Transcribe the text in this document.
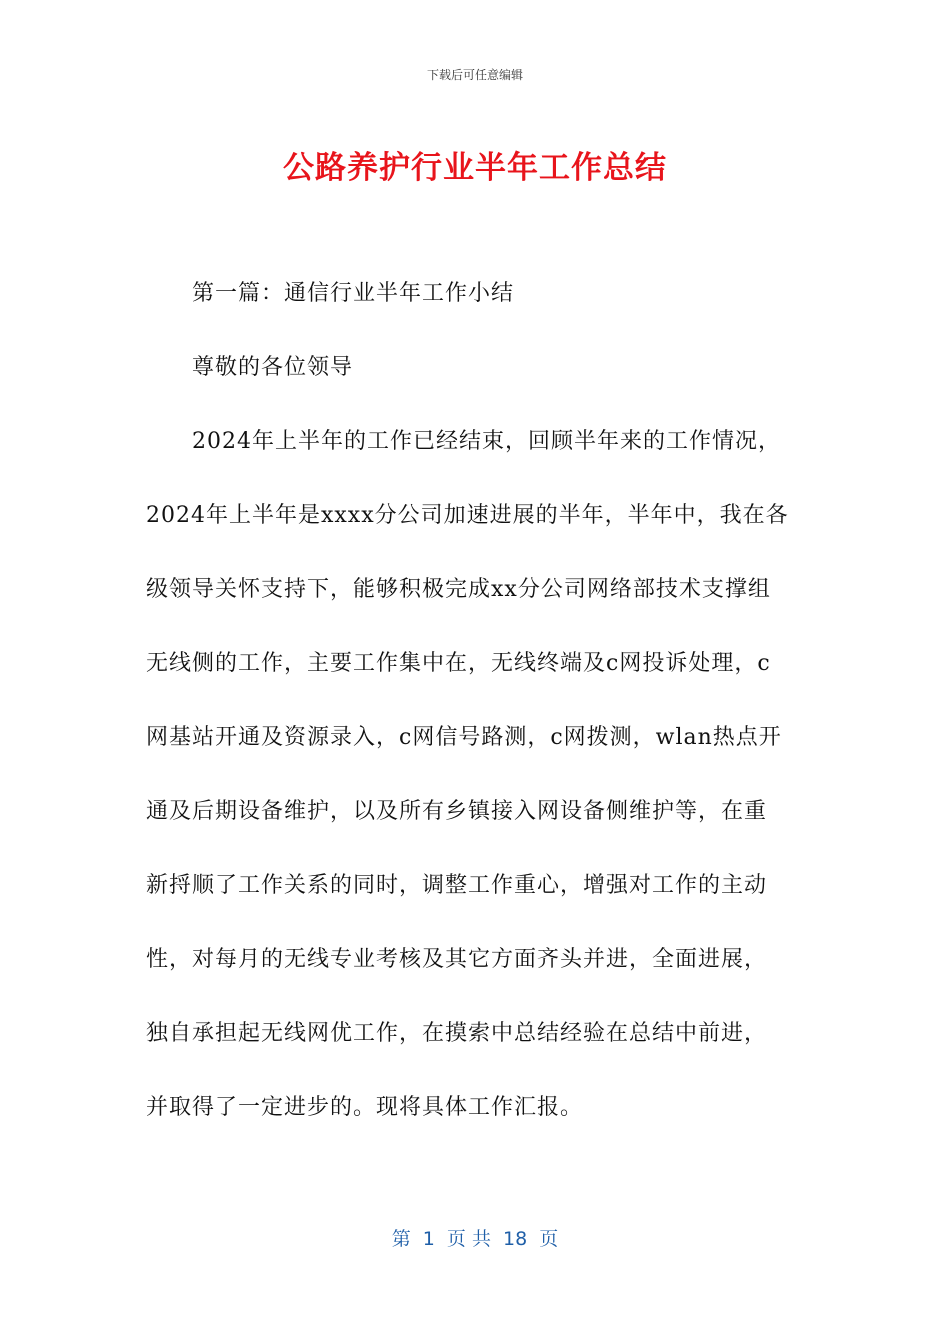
下载后可任意编辑
公路养护行业半年工作总结
第一篇：通信行业半年工作小结
尊敬的各位领导
2024年上半年的工作已经结束，回顾半年来的工作情况，
2024年上半年是xxxx分公司加速进展的半年，半年中，我在各
级领导关怀支持下，能够积极完成xx分公司网络部技术支撑组
无线侧的工作，主要工作集中在，无线终端及c网投诉处理，c
网基站开通及资源录入，c网信号路测，c网拨测，wlan热点开
通及后期设备维护，以及所有乡镇接入网设备侧维护等，在重
新捋顺了工作关系的同时，调整工作重心，增强对工作的主动
性，对每月的无线专业考核及其它方面齐头并进，全面进展，
独自承担起无线网优工作，在摸索中总结经验在总结中前进，
并取得了一定进步的。现将具体工作汇报。
第  1  页 共  18  页
